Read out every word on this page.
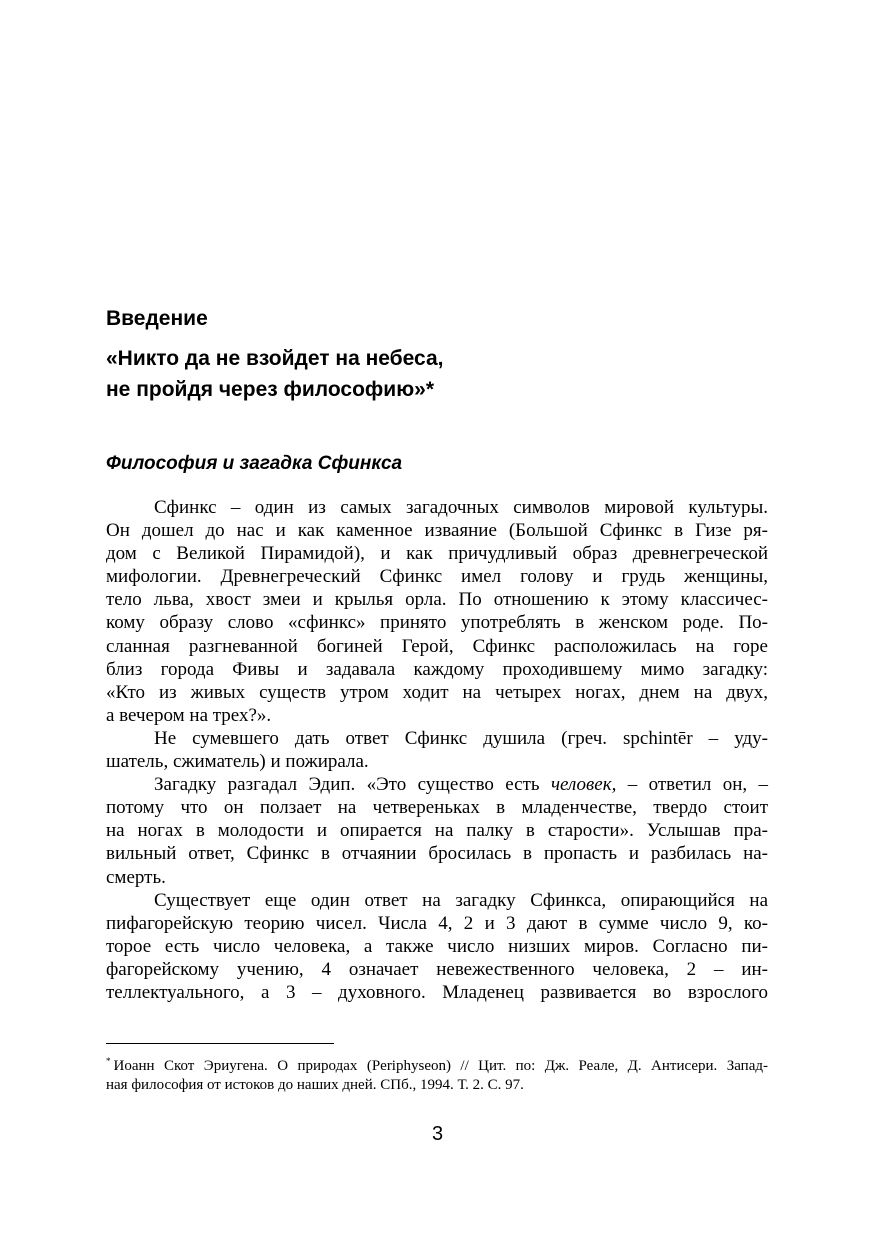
Введение
«Никто да не взойдет на небеса,
не пройдя через философию»*
Философия и загадка Сфинкса
Сфинкс – один из самых загадочных символов мировой культуры.
Он дошел до нас и как каменное изваяние (Большой Сфинкс в Гизе ря-
дом с Великой Пирамидой), и как причудливый образ древнегреческой
мифологии. Древнегреческий Сфинкс имел голову и грудь женщины,
тело льва, хвост змеи и крылья орла. По отношению к этому классичес-
кому образу слово «сфинкс» принято употреблять в женском роде. По-
сланная разгневанной богиней Герой, Сфинкс расположилась на горе
близ города Фивы и задавала каждому проходившему мимо загадку:
«Кто из живых существ утром ходит на четырех ногах, днем на двух,
а вечером на трех?».
Не сумевшего дать ответ Сфинкс душила (греч. spchintēr – уду-
шатель, сжиматель) и пожирала.
Загадку разгадал Эдип. «Это существо есть человек, – ответил он, –
потому что он ползает на четвереньках в младенчестве, твердо стоит
на ногах в молодости и опирается на палку в старости». Услышав пра-
вильный ответ, Сфинкс в отчаянии бросилась в пропасть и разбилась на-
смерть.
Существует еще один ответ на загадку Сфинкса, опирающийся на
пифагорейскую теорию чисел. Числа 4, 2 и 3 дают в сумме число 9, ко-
торое есть число человека, а также число низших миров. Согласно пи-
фагорейскому учению, 4 означает невежественного человека, 2 – ин-
теллектуального, а 3 – духовного. Младенец развивается во взрослого
* Иоанн Скот Эриугена. О природах (Periphyseon) // Цит. по: Дж. Реале, Д. Антисери. Запад-
ная философия от истоков до наших дней. СПб., 1994. Т. 2. С. 97.
3
